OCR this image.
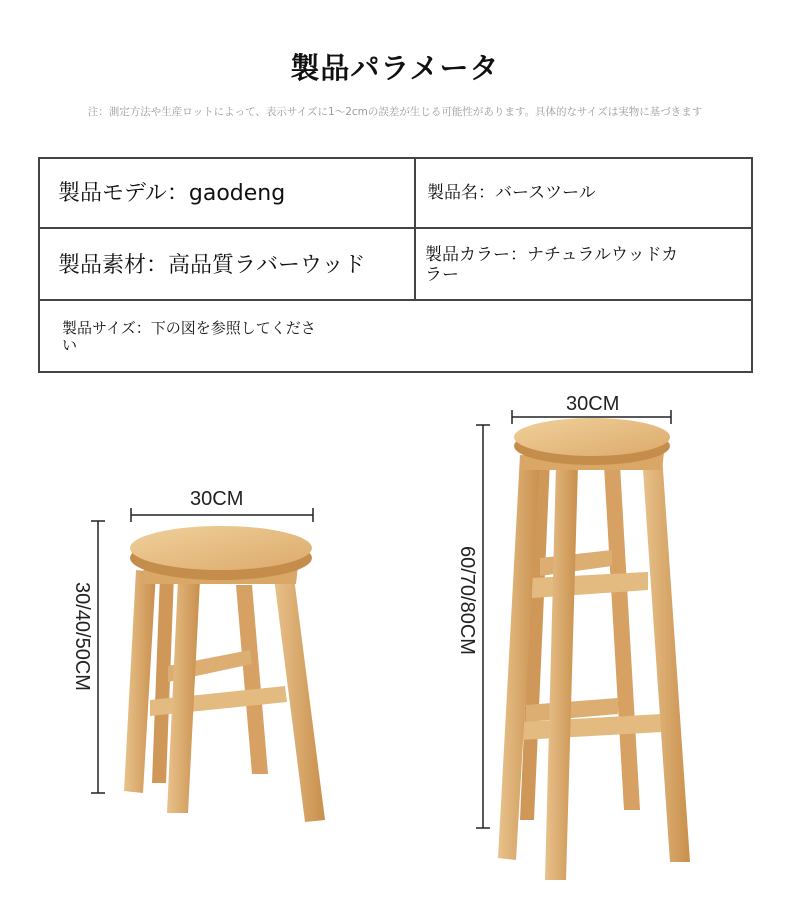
製品パラメータ
注：測定方法や生産ロットによって、表示サイズに1〜2cmの誤差が生じる可能性があります。具体的なサイズは実物に基づきます
製品モデル：gaodeng	製品名：バースツール
製品素材：高品質ラバーウッド	製品カラー：ナチュラルウッドカラー
製品サイズ：下の図を参照してください
30CM
30/40/50CM
30CM
60/70/80CM
